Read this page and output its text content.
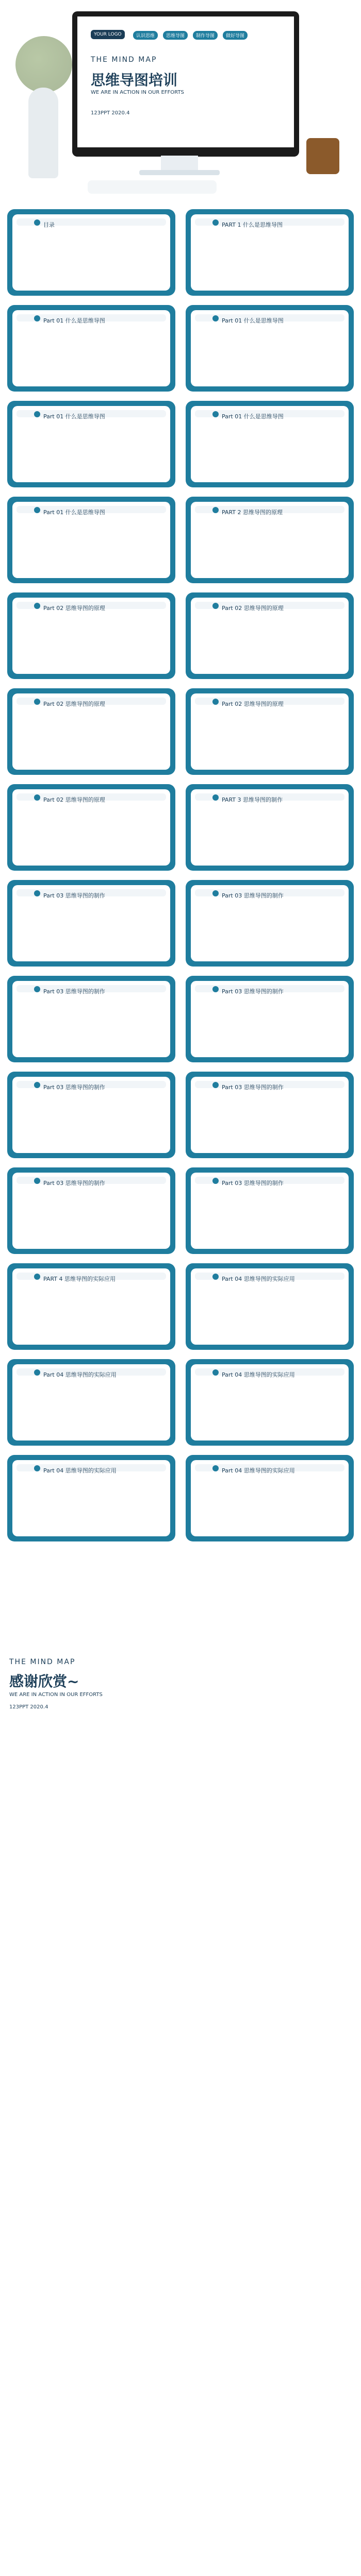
YOUR LOGO	认识思维	思维导图	制作导图	做好导图
THE MIND MAP
思维导图培训
WE ARE IN ACTION IN OUR EFFORTS
123PPT 2020.4
目录	PART 1 什么是思维导图
Part 01 什么是思维导图	Part 01 什么是思维导图
Part 01 什么是思维导图	Part 01 什么是思维导图
Part 01 什么是思维导图	PART 2 思维导图的原理
Part 02 思维导图的原理	Part 02 思维导图的原理
Part 02 思维导图的原理	Part 02 思维导图的原理
Part 02 思维导图的原理	PART 3 思维导图的制作
Part 03 思维导图的制作	Part 03 思维导图的制作
Part 03 思维导图的制作	Part 03 思维导图的制作
Part 03 思维导图的制作	Part 03 思维导图的制作
Part 03 思维导图的制作	Part 03 思维导图的制作
PART 4 思维导图的实际应用	Part 04 思维导图的实际应用
Part 04 思维导图的实际应用	Part 04 思维导图的实际应用
Part 04 思维导图的实际应用	Part 04 思维导图的实际应用
THE MIND MAP
感谢欣赏~
WE ARE IN ACTION IN OUR EFFORTS
123PPT 2020.4
